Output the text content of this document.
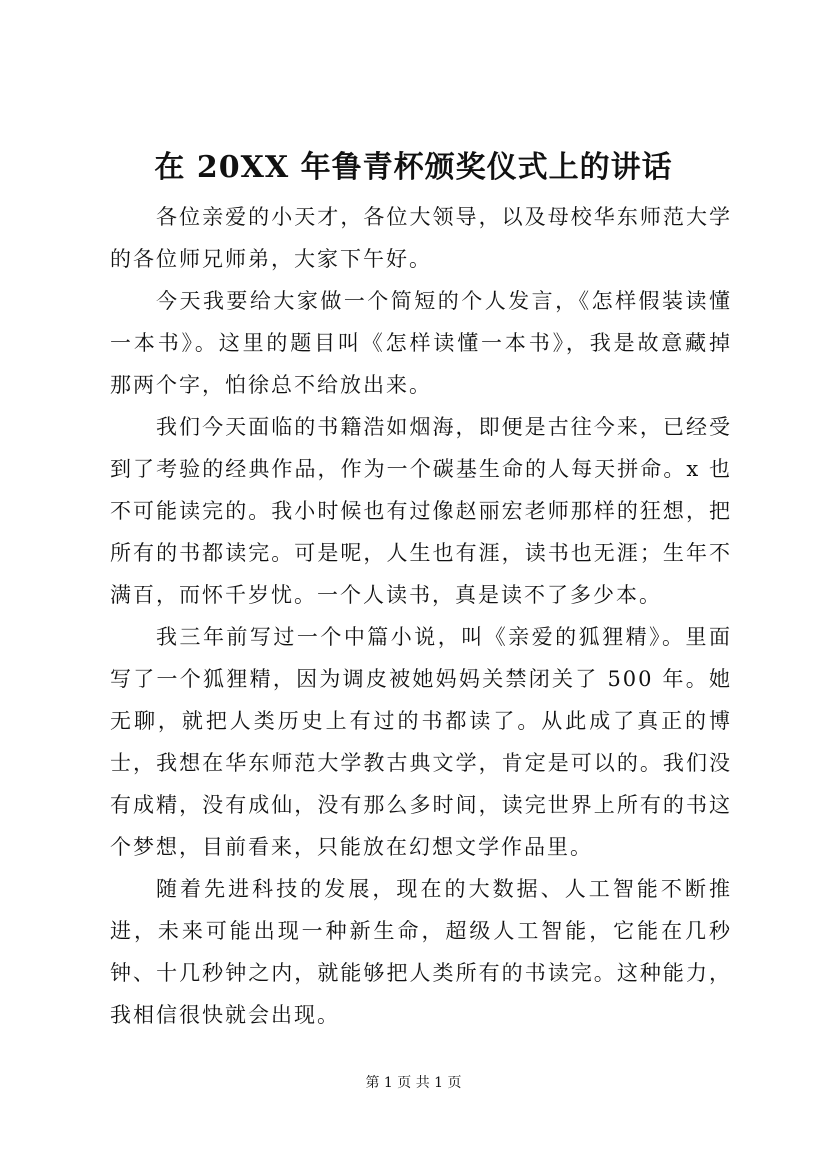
在 20XX 年鲁青杯颁奖仪式上的讲话

各位亲爱的小天才，各位大领导，以及母校华东师范大学的各位师兄师弟，大家下午好。

今天我要给大家做一个简短的个人发言，《怎样假装读懂一本书》。这里的题目叫《怎样读懂一本书》，我是故意藏掉那两个字，怕徐总不给放出来。

我们今天面临的书籍浩如烟海，即便是古往今来，已经受到了考验的经典作品，作为一个碳基生命的人每天拼命。x 也不可能读完的。我小时候也有过像赵丽宏老师那样的狂想，把所有的书都读完。可是呢，人生也有涯，读书也无涯；生年不满百，而怀千岁忧。一个人读书，真是读不了多少本。

我三年前写过一个中篇小说，叫《亲爱的狐狸精》。里面写了一个狐狸精，因为调皮被她妈妈关禁闭关了 500 年。她无聊，就把人类历史上有过的书都读了。从此成了真正的博士，我想在华东师范大学教古典文学，肯定是可以的。我们没有成精，没有成仙，没有那么多时间，读完世界上所有的书这个梦想，目前看来，只能放在幻想文学作品里。

随着先进科技的发展，现在的大数据、人工智能不断推进，未来可能出现一种新生命，超级人工智能，它能在几秒钟、十几秒钟之内，就能够把人类所有的书读完。这种能力，我相信很快就会出现。

第 1 页 共 1 页
